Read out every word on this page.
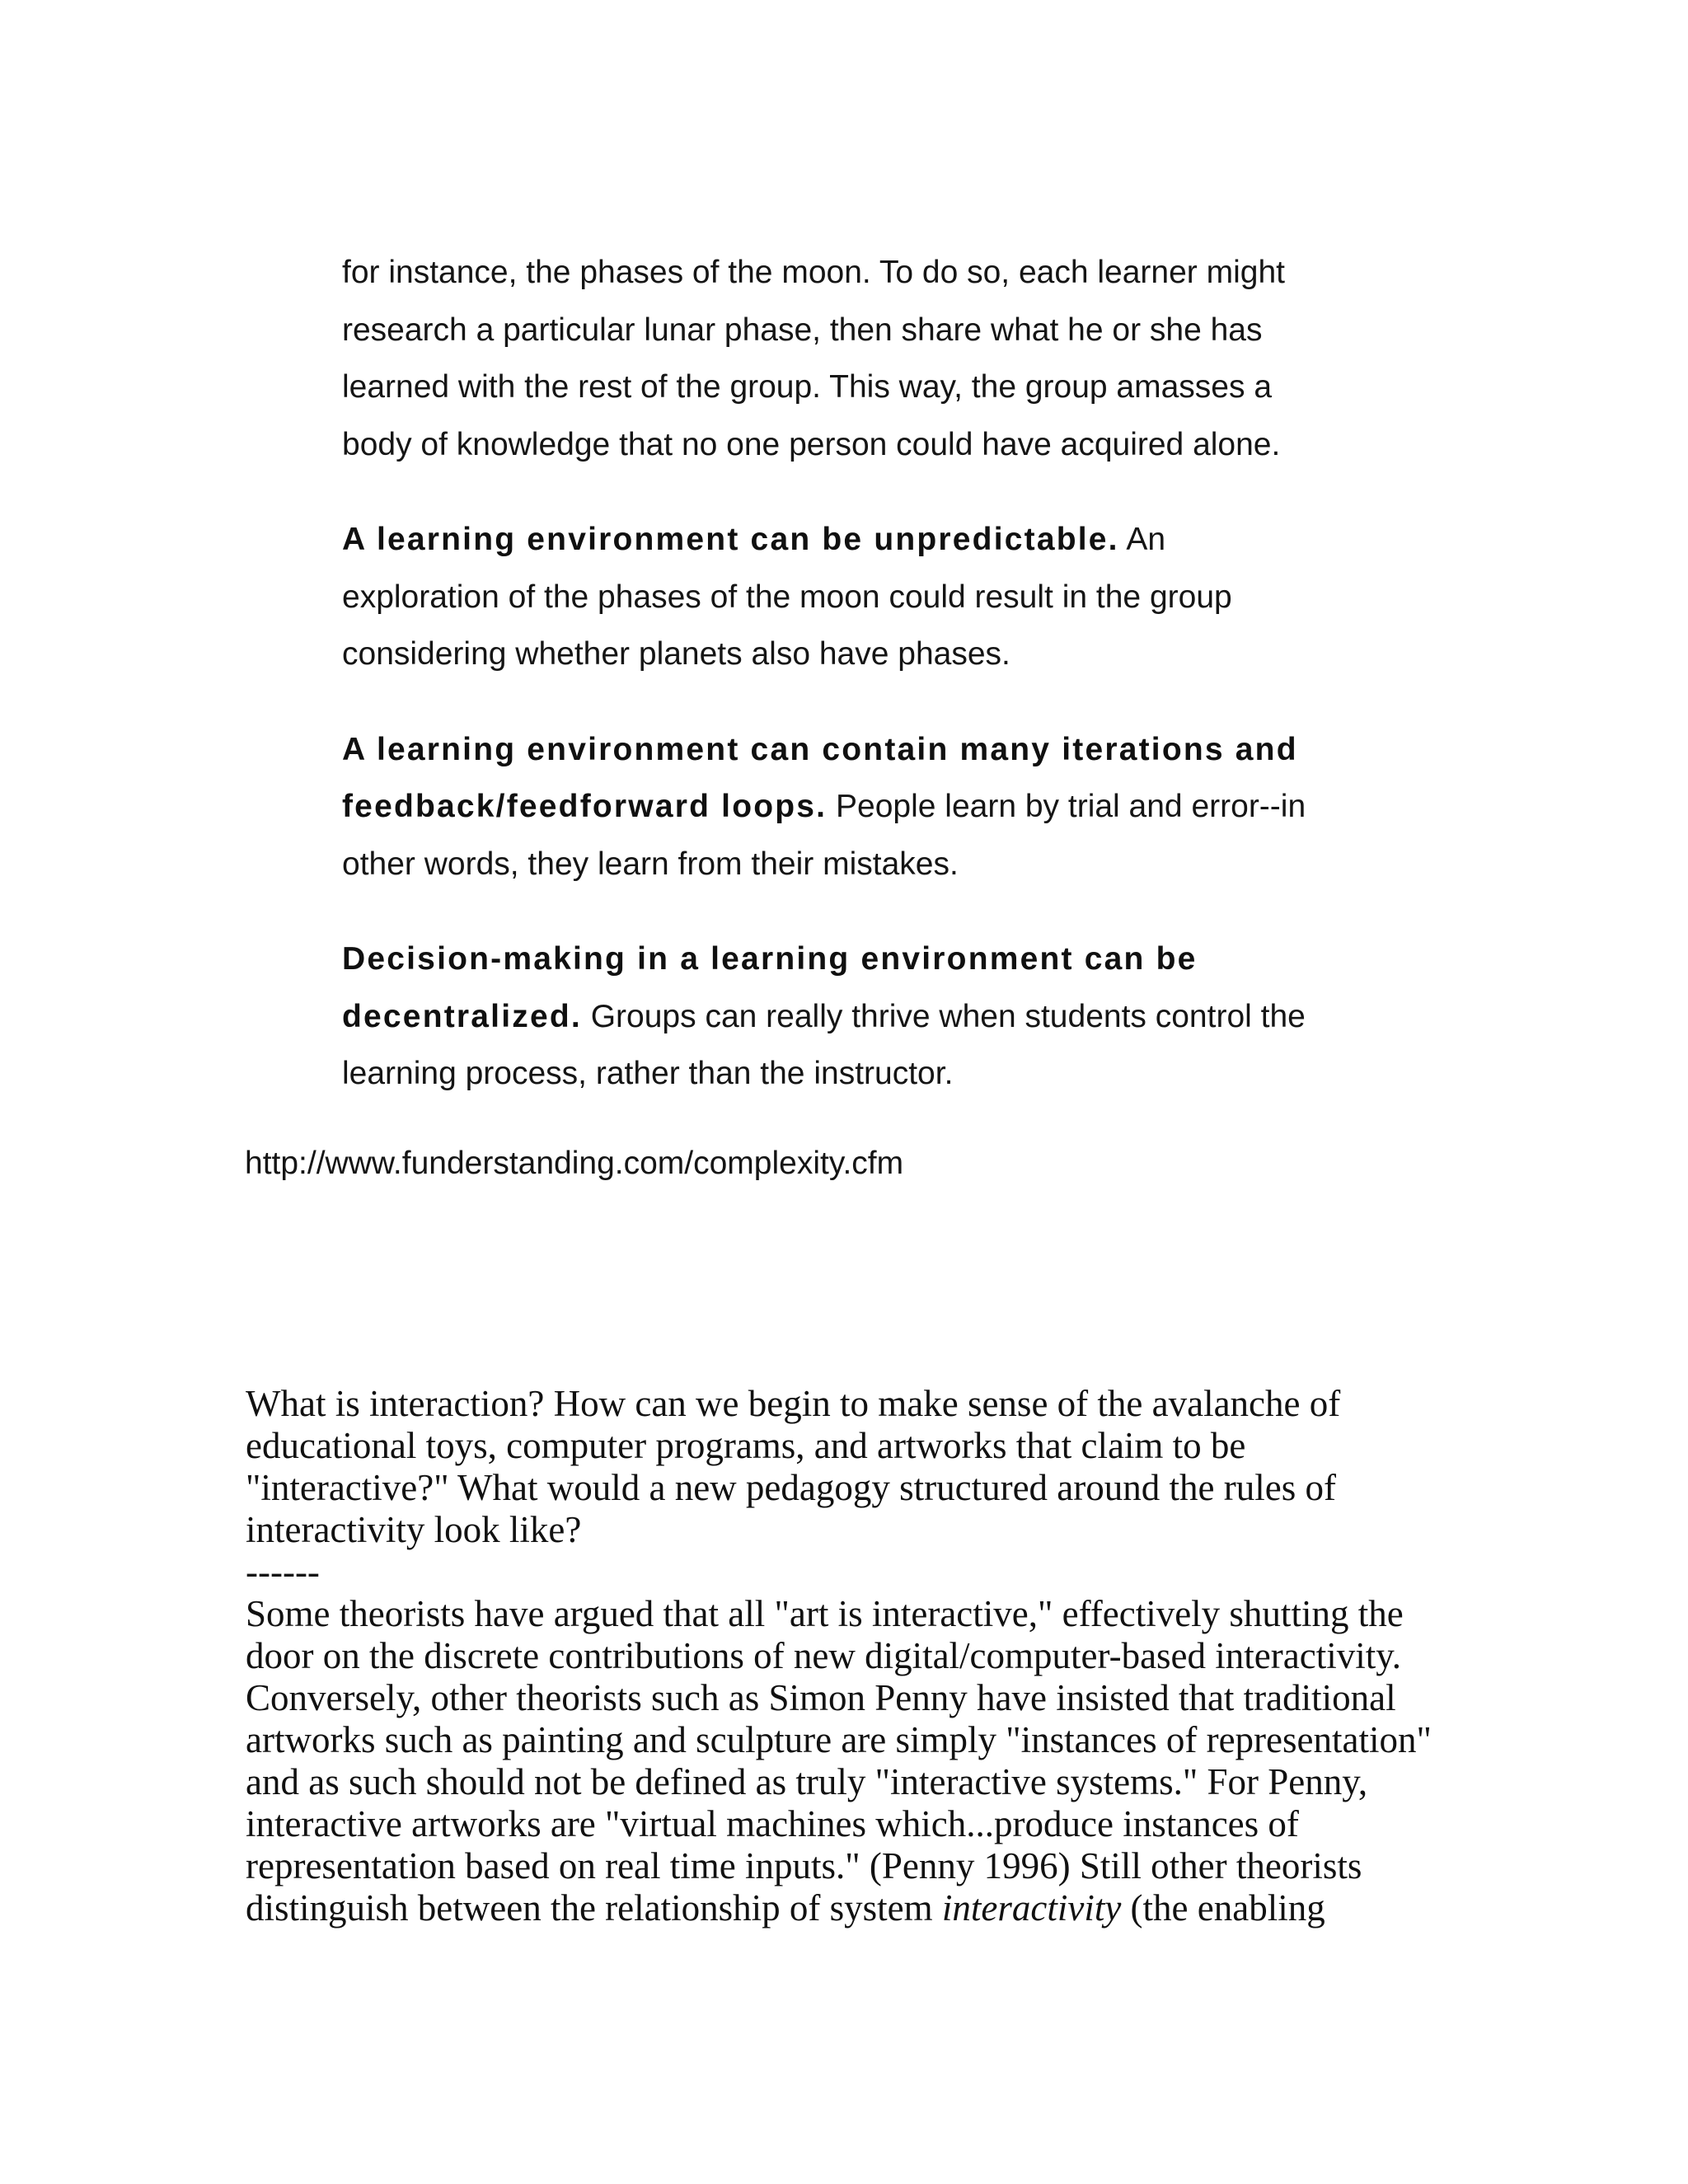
for instance, the phases of the moon. To do so, each learner might
research a particular lunar phase, then share what he or she has
learned with the rest of the group. This way, the group amasses a
body of knowledge that no one person could have acquired alone.

A learning environment can be unpredictable. An
exploration of the phases of the moon could result in the group
considering whether planets also have phases.

A learning environment can contain many iterations and
feedback/feedforward loops. People learn by trial and error--in
other words, they learn from their mistakes.

Decision-making in a learning environment can be
decentralized. Groups can really thrive when students control the
learning process, rather than the instructor.

http://www.funderstanding.com/complexity.cfm
What is interaction? How can we begin to make sense of the avalanche of
educational toys, computer programs, and artworks that claim to be
"interactive?" What would a new pedagogy structured around the rules of
interactivity look like?
------
Some theorists have argued that all "art is interactive," effectively shutting the
door on the discrete contributions of new digital/computer-based interactivity.
Conversely, other theorists such as Simon Penny have insisted that traditional
artworks such as painting and sculpture are simply "instances of representation"
and as such should not be defined as truly "interactive systems." For Penny,
interactive artworks are "virtual machines which...produce instances of
representation based on real time inputs." (Penny 1996) Still other theorists
distinguish between the relationship of system interactivity (the enabling
